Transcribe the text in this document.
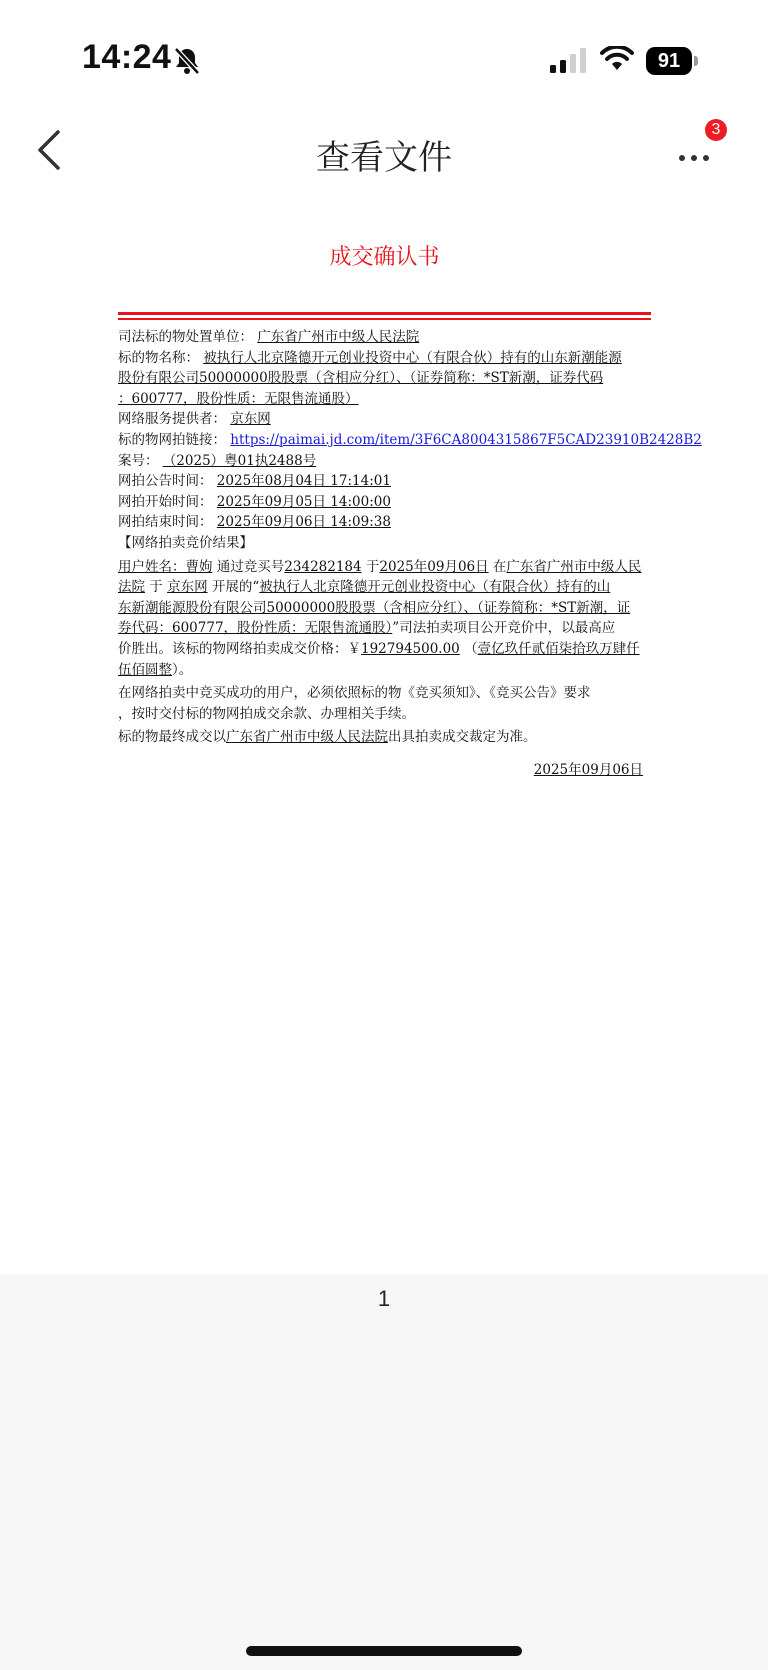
14:24	91
查看文件
3
成交确认书
司法标的物处置单位： 广东省广州市中级人民法院
标的物名称： 被执行人北京隆德开元创业投资中心（有限合伙）持有的山东新潮能源
股份有限公司50000000股股票（含相应分红）、（证券简称：*ST新潮，证券代码
：600777，股份性质：无限售流通股）
网络服务提供者： 京东网
标的物网拍链接： https://paimai.jd.com/item/3F6CA8004315867F5CAD23910B2428B2
案号： （2025）粤01执2488号
网拍公告时间： 2025年08月04日 17:14:01
网拍开始时间： 2025年09月05日 14:00:00
网拍结束时间： 2025年09月06日 14:09:38
【网络拍卖竞价结果】
用户姓名：曹姁 通过竞买号234282184 于2025年09月06日 在广东省广州市中级人民
法院 于 京东网 开展的“被执行人北京隆德开元创业投资中心（有限合伙）持有的山
东新潮能源股份有限公司50000000股股票（含相应分红）、（证券简称：*ST新潮，证
券代码：600777，股份性质：无限售流通股）”司法拍卖项目公开竞价中，以最高应
价胜出。该标的物网络拍卖成交价格：￥192794500.00 （壹亿玖仟贰佰柒拾玖万肆仟
伍佰圆整）。
在网络拍卖中竞买成功的用户，必须依照标的物《竞买须知》、《竞买公告》要求
，按时交付标的物网拍成交余款、办理相关手续。
标的物最终成交以广东省广州市中级人民法院出具拍卖成交裁定为准。
2025年09月06日
1
